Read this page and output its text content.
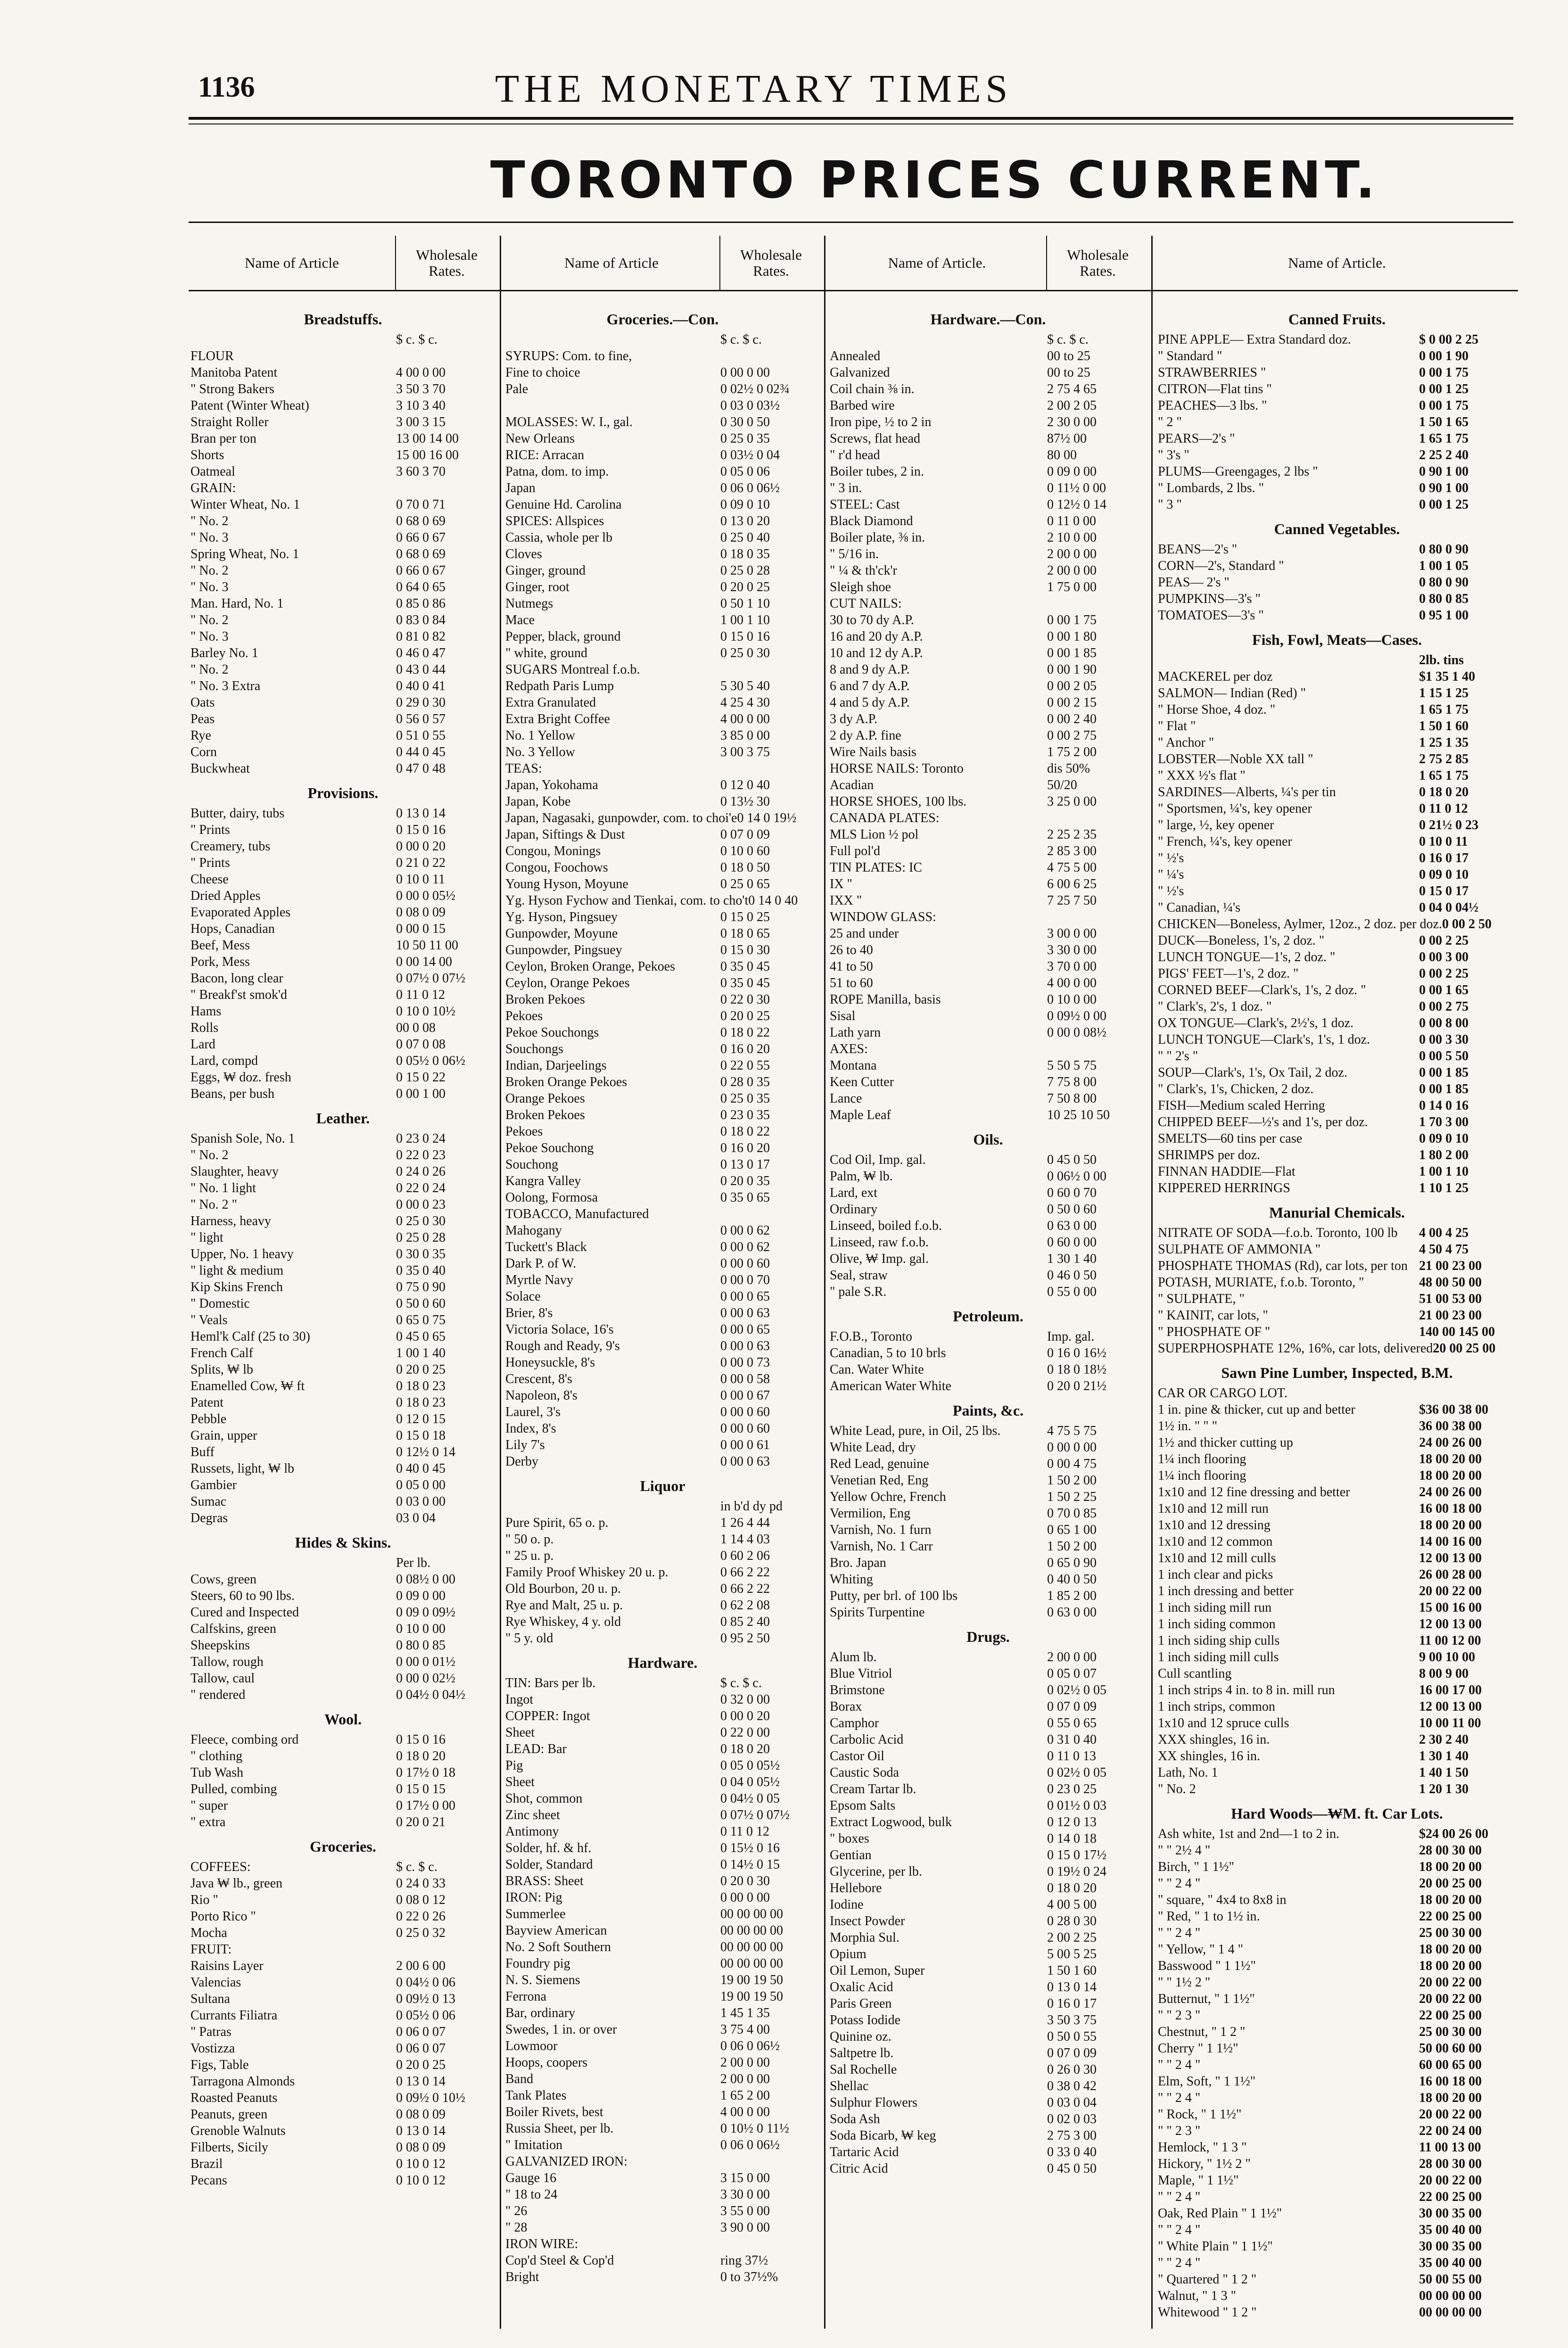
1136	THE MONETARY TIMES
TORONTO PRICES CURRENT.
Name of Article	Wholesale Rates.
Breadstuffs.
$ c. $ c.
FLOUR
Manitoba Patent	4 00 0 00
" Strong Bakers	3 50 3 70
Patent (Winter Wheat)	3 10 3 40
Straight Roller	3 00 3 15
Bran per ton	13 00 14 00
Shorts	15 00 16 00
Oatmeal	3 60 3 70
GRAIN:
Winter Wheat, No. 1	0 70 0 71
" No. 2	0 68 0 69
" No. 3	0 66 0 67
Spring Wheat, No. 1	0 68 0 69
" No. 2	0 66 0 67
" No. 3	0 64 0 65
Man. Hard, No. 1	0 85 0 86
" No. 2	0 83 0 84
" No. 3	0 81 0 82
Barley No. 1	0 46 0 47
" No. 2	0 43 0 44
" No. 3 Extra	0 40 0 41
Oats	0 29 0 30
Peas	0 56 0 57
Rye	0 51 0 55
Corn	0 44 0 45
Buckwheat	0 47 0 48
Provisions.
Butter, dairy, tubs	0 13 0 14
" Prints	0 15 0 16
Creamery, tubs	0 00 0 20
" Prints	0 21 0 22
Cheese	0 10 0 11
Dried Apples	0 00 0 05½
Evaporated Apples	0 08 0 09
Hops, Canadian	0 00 0 15
Beef, Mess	10 50 11 00
Pork, Mess	0 00 14 00
Bacon, long clear	0 07½ 0 07½
" Breakf'st smok'd	0 11 0 12
Hams	0 10 0 10½
Rolls	00 0 08
Lard	0 07 0 08
Lard, compd	0 05½ 0 06½
Eggs, ₩ doz. fresh	0 15 0 22
Beans, per bush	0 00 1 00
Leather.
Spanish Sole, No. 1	0 23 0 24
" No. 2	0 22 0 23
Slaughter, heavy	0 24 0 26
" No. 1 light	0 22 0 24
" No. 2 "	0 00 0 23
Harness, heavy	0 25 0 30
" light	0 25 0 28
Upper, No. 1 heavy	0 30 0 35
" light & medium	0 35 0 40
Kip Skins French	0 75 0 90
" Domestic	0 50 0 60
" Veals	0 65 0 75
Heml'k Calf (25 to 30)	0 45 0 65
French Calf	1 00 1 40
Splits, ₩ lb	0 20 0 25
Enamelled Cow, ₩ ft	0 18 0 23
Patent	0 18 0 23
Pebble	0 12 0 15
Grain, upper	0 15 0 18
Buff	0 12½ 0 14
Russets, light, ₩ lb	0 40 0 45
Gambier	0 05 0 00
Sumac	0 03 0 00
Degras	03 0 04
Hides & Skins.
Per lb.
Cows, green	0 08½ 0 00
Steers, 60 to 90 lbs.	0 09 0 00
Cured and Inspected	0 09 0 09½
Calfskins, green	0 10 0 00
Sheepskins	0 80 0 85
Tallow, rough	0 00 0 01½
Tallow, caul	0 00 0 02½
" rendered	0 04½ 0 04½
Wool.
Fleece, combing ord	0 15 0 16
" clothing	0 18 0 20
Tub Wash	0 17½ 0 18
Pulled, combing	0 15 0 15
" super	0 17½ 0 00
" extra	0 20 0 21
Groceries.
COFFEES:	$ c. $ c.
Java ₩ lb., green	0 24 0 33
Rio "	0 08 0 12
Porto Rico "	0 22 0 26
Mocha	0 25 0 32
FRUIT:
Raisins Layer	2 00 6 00
Valencias	0 04½ 0 06
Sultana	0 09½ 0 13
Currants Filiatra	0 05½ 0 06
" Patras	0 06 0 07
Vostizza	0 06 0 07
Figs, Table	0 20 0 25
Tarragona Almonds	0 13 0 14
Roasted Peanuts	0 09½ 0 10½
Peanuts, green	0 08 0 09
Grenoble Walnuts	0 13 0 14
Filberts, Sicily	0 08 0 09
Brazil	0 10 0 12
Pecans	0 10 0 12
Name of Article	Wholesale Rates.
Groceries.—Con.
$ c. $ c.
SYRUPS: Com. to fine,
Fine to choice	0 00 0 00
Pale	0 02½ 0 02¾
0 03 0 03½
MOLASSES: W. I., gal.	0 30 0 50
New Orleans	0 25 0 35
RICE: Arracan	0 03½ 0 04
Patna, dom. to imp.	0 05 0 06
Japan	0 06 0 06½
Genuine Hd. Carolina	0 09 0 10
SPICES: Allspices	0 13 0 20
Cassia, whole per lb	0 25 0 40
Cloves	0 18 0 35
Ginger, ground	0 25 0 28
Ginger, root	0 20 0 25
Nutmegs	0 50 1 10
Mace	1 00 1 10
Pepper, black, ground	0 15 0 16
" white, ground	0 25 0 30
SUGARS Montreal f.o.b.
Redpath Paris Lump	5 30 5 40
Extra Granulated	4 25 4 30
Extra Bright Coffee	4 00 0 00
No. 1 Yellow	3 85 0 00
No. 3 Yellow	3 00 3 75
TEAS:
Japan, Yokohama	0 12 0 40
Japan, Kobe	0 13½ 30
Japan, Nagasaki, gunpowder, com. to choi'e 0 14 0 19½
Japan, Siftings & Dust	0 07 0 09
Congou, Monings	0 10 0 60
Congou, Foochows	0 18 0 50
Young Hyson, Moyune	0 25 0 65
Yg. Hyson Fychow and Tienkai, com. to cho't 0 14 0 40
Yg. Hyson, Pingsuey	0 15 0 25
Gunpowder, Moyune	0 18 0 65
Gunpowder, Pingsuey	0 15 0 30
Ceylon, Broken Orange, Pekoes	0 35 0 45
Ceylon, Orange Pekoes	0 35 0 45
Broken Pekoes	0 22 0 30
Pekoes	0 20 0 25
Pekoe Souchongs	0 18 0 22
Souchongs	0 16 0 20
Indian, Darjeelings	0 22 0 55
Broken Orange Pekoes	0 28 0 35
Orange Pekoes	0 25 0 35
Broken Pekoes	0 23 0 35
Pekoes	0 18 0 22
Pekoe Souchong	0 16 0 20
Souchong	0 13 0 17
Kangra Valley	0 20 0 35
Oolong, Formosa	0 35 0 65
TOBACCO, Manufactured
Mahogany	0 00 0 62
Tuckett's Black	0 00 0 62
Dark P. of W.	0 00 0 60
Myrtle Navy	0 00 0 70
Solace	0 00 0 65
Brier, 8's	0 00 0 63
Victoria Solace, 16's	0 00 0 65
Rough and Ready, 9's	0 00 0 63
Honeysuckle, 8's	0 00 0 73
Crescent, 8's	0 00 0 58
Napoleon, 8's	0 00 0 67
Laurel, 3's	0 00 0 60
Index, 8's	0 00 0 60
Lily 7's	0 00 0 61
Derby	0 00 0 63
Liquor
in b'd dy pd
Pure Spirit, 65 o. p.	1 26 4 44
" 50 o. p.	1 14 4 03
" 25 u. p.	0 60 2 06
Family Proof Whiskey 20 u. p.	0 66 2 22
Old Bourbon, 20 u. p.	0 66 2 22
Rye and Malt, 25 u. p.	0 62 2 08
Rye Whiskey, 4 y. old	0 85 2 40
" 5 y. old	0 95 2 50
Hardware.
TIN: Bars per lb.	$ c. $ c.
Ingot	0 32 0 00
COPPER: Ingot	0 00 0 20
Sheet	0 22 0 00
LEAD: Bar	0 18 0 20
Pig	0 05 0 05½
Sheet	0 04 0 05½
Shot, common	0 04½ 0 05
Zinc sheet	0 07½ 0 07½
Antimony	0 11 0 12
Solder, hf. & hf.	0 15½ 0 16
Solder, Standard	0 14½ 0 15
BRASS: Sheet	0 20 0 30
IRON: Pig	0 00 0 00
Summerlee	00 00 00 00
Bayview American	00 00 00 00
No. 2 Soft Southern	00 00 00 00
Foundry pig	00 00 00 00
N. S. Siemens	19 00 19 50
Ferrona	19 00 19 50
Bar, ordinary	1 45 1 35
Swedes, 1 in. or over	3 75 4 00
Lowmoor	0 06 0 06½
Hoops, coopers	2 00 0 00
Band	2 00 0 00
Tank Plates	1 65 2 00
Boiler Rivets, best	4 00 0 00
Russia Sheet, per lb.	0 10½ 0 11½
" Imitation	0 06 0 06½
GALVANIZED IRON:
Gauge 16	3 15 0 00
" 18 to 24	3 30 0 00
" 26	3 55 0 00
" 28	3 90 0 00
IRON WIRE:
Cop'd Steel & Cop'd	ring 37½
Bright	0 to 37½%
Name of Article.	Wholesale Rates.
Hardware.—Con.
$ c. $ c.
Annealed	00 to 25
Galvanized	00 to 25
Coil chain ⅜ in.	2 75 4 65
Barbed wire	2 00 2 05
Iron pipe, ½ to 2 in	2 30 0 00
Screws, flat head	87½ 00
" r'd head	80 00
Boiler tubes, 2 in.	0 09 0 00
" 3 in.	0 11½ 0 00
STEEL: Cast	0 12½ 0 14
Black Diamond	0 11 0 00
Boiler plate, ⅜ in.	2 10 0 00
" 5/16 in.	2 00 0 00
" ¼ & th'ck'r	2 00 0 00
Sleigh shoe	1 75 0 00
CUT NAILS:
30 to 70 dy A.P.	0 00 1 75
16 and 20 dy A.P.	0 00 1 80
10 and 12 dy A.P.	0 00 1 85
8 and 9 dy A.P.	0 00 1 90
6 and 7 dy A.P.	0 00 2 05
4 and 5 dy A.P.	0 00 2 15
3 dy A.P.	0 00 2 40
2 dy A.P. fine	0 00 2 75
Wire Nails basis	1 75 2 00
HORSE NAILS: Toronto	dis 50%
Acadian	50/20
HORSE SHOES, 100 lbs.	3 25 0 00
CANADA PLATES:
MLS Lion ½ pol	2 25 2 35
Full pol'd	2 85 3 00
TIN PLATES: IC	4 75 5 00
IX "	6 00 6 25
IXX "	7 25 7 50
WINDOW GLASS:
25 and under	3 00 0 00
26 to 40	3 30 0 00
41 to 50	3 70 0 00
51 to 60	4 00 0 00
ROPE Manilla, basis	0 10 0 00
Sisal	0 09½ 0 00
Lath yarn	0 00 0 08½
AXES:
Montana	5 50 5 75
Keen Cutter	7 75 8 00
Lance	7 50 8 00
Maple Leaf	10 25 10 50
Oils.
Cod Oil, Imp. gal.	0 45 0 50
Palm, ₩ lb.	0 06½ 0 00
Lard, ext	0 60 0 70
Ordinary	0 50 0 60
Linseed, boiled f.o.b.	0 63 0 00
Linseed, raw f.o.b.	0 60 0 00
Olive, ₩ Imp. gal.	1 30 1 40
Seal, straw	0 46 0 50
" pale S.R.	0 55 0 00
Petroleum.
F.O.B., Toronto	Imp. gal.
Canadian, 5 to 10 brls	0 16 0 16½
Can. Water White	0 18 0 18½
American Water White	0 20 0 21½
Paints, &c.
White Lead, pure, in Oil, 25 lbs.	4 75 5 75
White Lead, dry	0 00 0 00
Red Lead, genuine	0 00 4 75
Venetian Red, Eng	1 50 2 00
Yellow Ochre, French	1 50 2 25
Vermilion, Eng	0 70 0 85
Varnish, No. 1 furn	0 65 1 00
Varnish, No. 1 Carr	1 50 2 00
Bro. Japan	0 65 0 90
Whiting	0 40 0 50
Putty, per brl. of 100 lbs	1 85 2 00
Spirits Turpentine	0 63 0 00
Drugs.
Alum lb.	2 00 0 00
Blue Vitriol	0 05 0 07
Brimstone	0 02½ 0 05
Borax	0 07 0 09
Camphor	0 55 0 65
Carbolic Acid	0 31 0 40
Castor Oil	0 11 0 13
Caustic Soda	0 02½ 0 05
Cream Tartar lb.	0 23 0 25
Epsom Salts	0 01½ 0 03
Extract Logwood, bulk	0 12 0 13
" boxes	0 14 0 18
Gentian	0 15 0 17½
Glycerine, per lb.	0 19½ 0 24
Hellebore	0 18 0 20
Iodine	4 00 5 00
Insect Powder	0 28 0 30
Morphia Sul.	2 00 2 25
Opium	5 00 5 25
Oil Lemon, Super	1 50 1 60
Oxalic Acid	0 13 0 14
Paris Green	0 16 0 17
Potass Iodide	3 50 3 75
Quinine oz.	0 50 0 55
Saltpetre lb.	0 07 0 09
Sal Rochelle	0 26 0 30
Shellac	0 38 0 42
Sulphur Flowers	0 03 0 04
Soda Ash	0 02 0 03
Soda Bicarb, ₩ keg	2 75 3 00
Tartaric Acid	0 33 0 40
Citric Acid	0 45 0 50
Name of Article.
Canned Fruits.
PINE APPLE— Extra Standard doz.	$ 0 00 2 25
" Standard "	0 00 1 90
STRAWBERRIES "	0 00 1 75
CITRON—Flat tins "	0 00 1 25
PEACHES—3 lbs. "	0 00 1 75
" 2 "	1 50 1 65
PEARS—2's "	1 65 1 75
" 3's "	2 25 2 40
PLUMS—Greengages, 2 lbs "	0 90 1 00
" Lombards, 2 lbs. "	0 90 1 00
" 3 "	0 00 1 25
Canned Vegetables.
BEANS—2's "	0 80 0 90
CORN—2's, Standard "	1 00 1 05
PEAS— 2's "	0 80 0 90
PUMPKINS—3's "	0 80 0 85
TOMATOES—3's "	0 95 1 00
Fish, Fowl, Meats—Cases.
2lb. tins
MACKEREL per doz	$1 35 1 40
SALMON— Indian (Red) "	1 15 1 25
" Horse Shoe, 4 doz. "	1 65 1 75
" Flat "	1 50 1 60
" Anchor "	1 25 1 35
LOBSTER—Noble XX tall "	2 75 2 85
" XXX ½'s flat "	1 65 1 75
SARDINES—Alberts, ¼'s per tin	0 18 0 20
" Sportsmen, ¼'s, key opener	0 11 0 12
" large, ½, key opener	0 21½ 0 23
" French, ¼'s, key opener	0 10 0 11
" ½'s	0 16 0 17
" ¼'s	0 09 0 10
" ½'s	0 15 0 17
" Canadian, ¼'s	0 04 0 04½
CHICKEN—Boneless, Aylmer, 12oz., 2 doz. per doz. 0 00 2 50
DUCK—Boneless, 1's, 2 doz. "	0 00 2 25
LUNCH TONGUE—1's, 2 doz. "	0 00 3 00
PIGS' FEET—1's, 2 doz. "	0 00 2 25
CORNED BEEF—Clark's, 1's, 2 doz. "	0 00 1 65
" Clark's, 2's, 1 doz. "	0 00 2 75
OX TONGUE—Clark's, 2½'s, 1 doz.	0 00 8 00
LUNCH TONGUE—Clark's, 1's, 1 doz.	0 00 3 30
" " 2's "	0 00 5 50
SOUP—Clark's, 1's, Ox Tail, 2 doz.	0 00 1 85
" Clark's, 1's, Chicken, 2 doz.	0 00 1 85
FISH—Medium scaled Herring	0 14 0 16
CHIPPED BEEF—½'s and 1's, per doz.	1 70 3 00
SMELTS—60 tins per case	0 09 0 10
SHRIMPS per doz.	1 80 2 00
FINNAN HADDIE—Flat	1 00 1 10
KIPPERED HERRINGS	1 10 1 25
Manurial Chemicals.
NITRATE OF SODA—f.o.b. Toronto, 100 lb	4 00 4 25
SULPHATE OF AMMONIA "	4 50 4 75
PHOSPHATE THOMAS (Rd), car lots, per ton 21 00 23 00
POTASH, MURIATE, f.o.b. Toronto, "	48 00 50 00
" SULPHATE, "	51 00 53 00
" KAINIT, car lots, "	21 00 23 00
" PHOSPHATE OF "	140 00 145 00
SUPERPHOSPHATE 12%, 16%, car lots, delivered 20 00 25 00
Sawn Pine Lumber, Inspected, B.M.
CAR OR CARGO LOT.
1 in. pine & thicker, cut up and better	$36 00 38 00
1½ in. " " "	36 00 38 00
1½ and thicker cutting up	24 00 26 00
1¼ inch flooring	18 00 20 00
1¼ inch flooring	18 00 20 00
1x10 and 12 fine dressing and better	24 00 26 00
1x10 and 12 mill run	16 00 18 00
1x10 and 12 dressing	18 00 20 00
1x10 and 12 common	14 00 16 00
1x10 and 12 mill culls	12 00 13 00
1 inch clear and picks	26 00 28 00
1 inch dressing and better	20 00 22 00
1 inch siding mill run	15 00 16 00
1 inch siding common	12 00 13 00
1 inch siding ship culls	11 00 12 00
1 inch siding mill culls	9 00 10 00
Cull scantling	8 00 9 00
1 inch strips 4 in. to 8 in. mill run	16 00 17 00
1 inch strips, common	12 00 13 00
1x10 and 12 spruce culls	10 00 11 00
XXX shingles, 16 in.	2 30 2 40
XX shingles, 16 in.	1 30 1 40
Lath, No. 1	1 40 1 50
" No. 2	1 20 1 30
Hard Woods—₩M. ft. Car Lots.
Ash white, 1st and 2nd—1 to 2 in.	$24 00 26 00
" " 2½ 4 "	28 00 30 00
Birch, " 1 1½"	18 00 20 00
" " 2 4 "	20 00 25 00
" square, " 4x4 to 8x8 in	18 00 20 00
" Red, " 1 to 1½ in.	22 00 25 00
" " 2 4 "	25 00 30 00
" Yellow, " 1 4 "	18 00 20 00
Basswood " 1 1½"	18 00 20 00
" " 1½ 2 "	20 00 22 00
Butternut, " 1 1½"	20 00 22 00
" " 2 3 "	22 00 25 00
Chestnut, " 1 2 "	25 00 30 00
Cherry " 1 1½"	50 00 60 00
" " 2 4 "	60 00 65 00
Elm, Soft, " 1 1½"	16 00 18 00
" " 2 4 "	18 00 20 00
" Rock, " 1 1½"	20 00 22 00
" " 2 3 "	22 00 24 00
Hemlock, " 1 3 "	11 00 13 00
Hickory, " 1½ 2 "	28 00 30 00
Maple, " 1 1½"	20 00 22 00
" " 2 4 "	22 00 25 00
Oak, Red Plain " 1 1½"	30 00 35 00
" " 2 4 "	35 00 40 00
" White Plain " 1 1½"	30 00 35 00
" " 2 4 "	35 00 40 00
" Quartered " 1 2 "	50 00 55 00
Walnut, " 1 3 "	00 00 00 00
Whitewood " 1 2 "	00 00 00 00
